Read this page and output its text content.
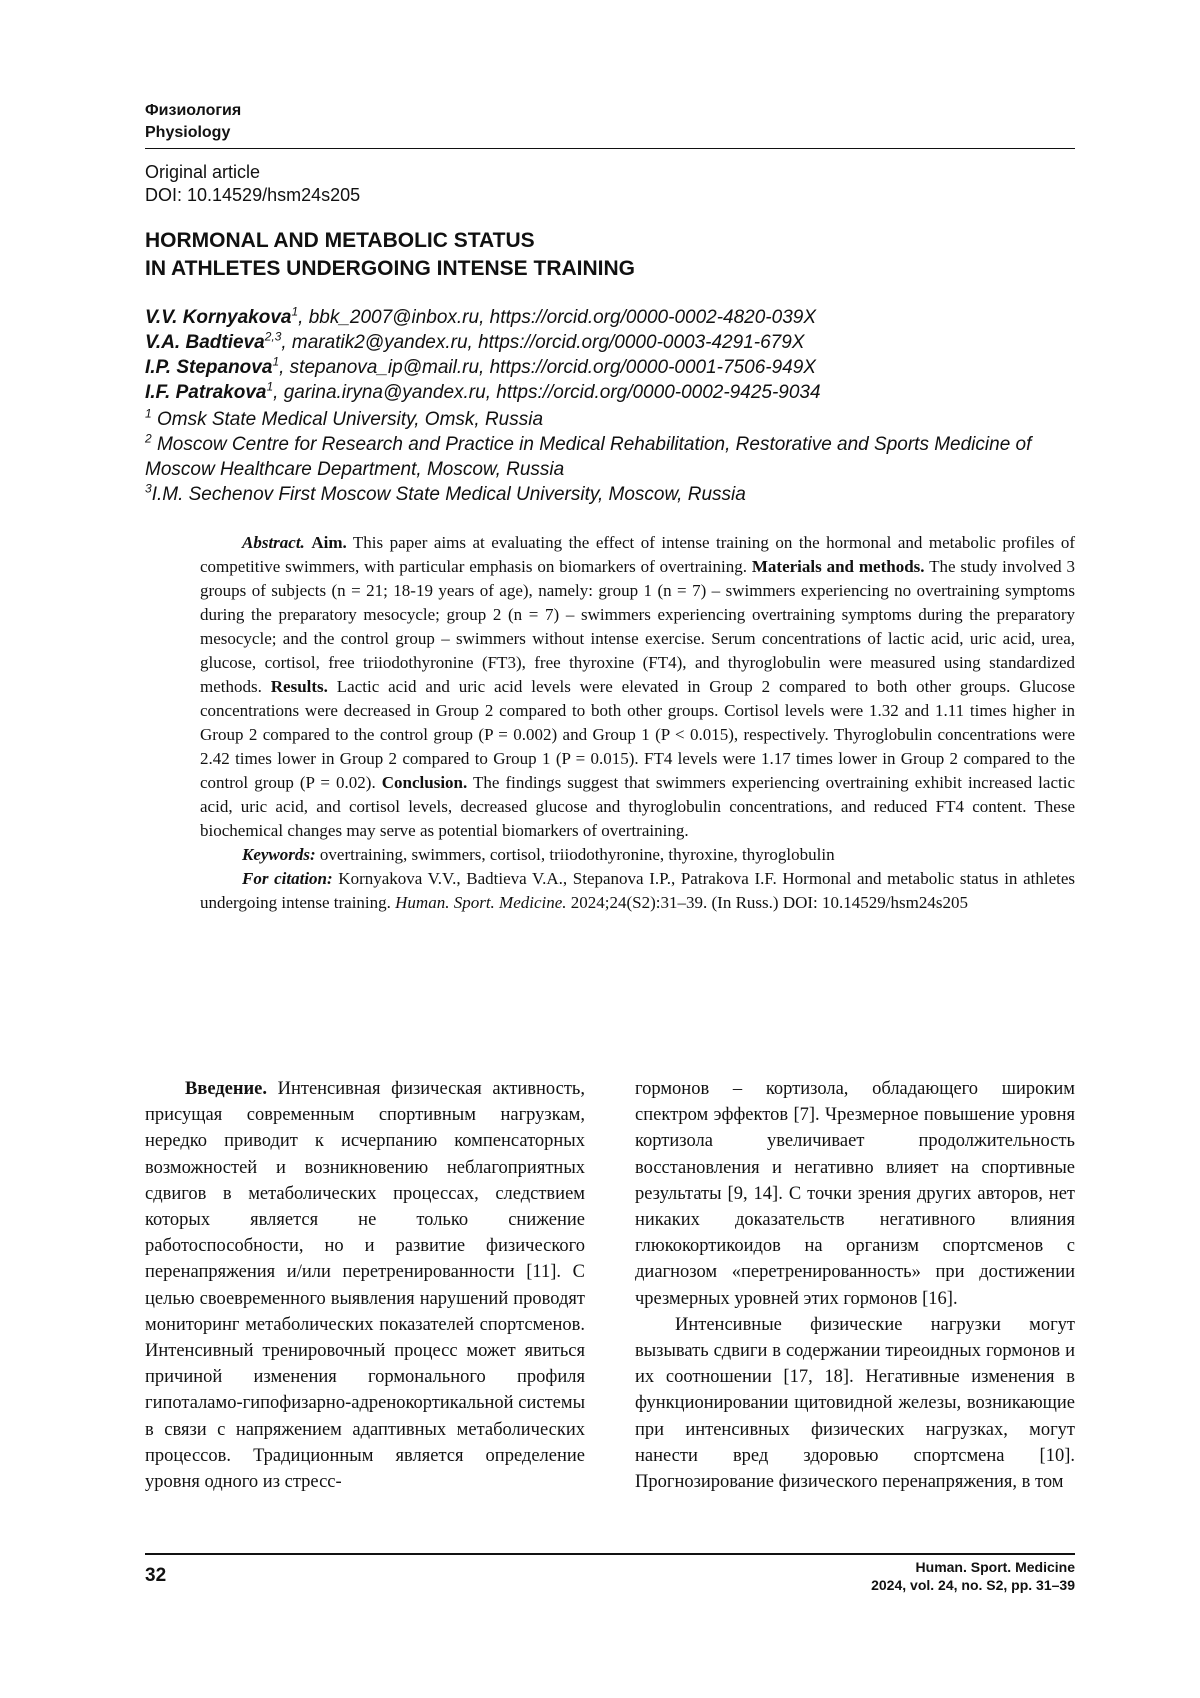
Физиология
Physiology
Original article
DOI: 10.14529/hsm24s205
HORMONAL AND METABOLIC STATUS
IN ATHLETES UNDERGOING INTENSE TRAINING
V.V. Kornyakova$^1$, bbk_2007@inbox.ru, https://orcid.org/0000-0002-4820-039X
V.A. Badtieva$^{2,3}$, maratik2@yandex.ru, https://orcid.org/0000-0003-4291-679X
I.P. Stepanova$^1$, stepanova_ip@mail.ru, https://orcid.org/0000-0001-7506-949X
I.F. Patrakova$^1$, garina.iryna@yandex.ru, https://orcid.org/0000-0002-9425-9034
$^1$ Omsk State Medical University, Omsk, Russia
$^2$ Moscow Centre for Research and Practice in Medical Rehabilitation, Restorative and Sports Medicine of Moscow Healthcare Department, Moscow, Russia
$^3$I.M. Sechenov First Moscow State Medical University, Moscow, Russia

Abstract. Aim. This paper aims at evaluating the effect of intense training on the hormonal and metabolic profiles of competitive swimmers, with particular emphasis on biomarkers of overtraining. Materials and methods. The study involved 3 groups of subjects (n = 21; 18-19 years of age), namely: group 1 (n = 7) – swimmers experiencing no overtraining symptoms during the preparatory mesocycle; group 2 (n = 7) – swimmers experiencing overtraining symptoms during the preparatory mesocycle; and the control group – swimmers without intense exercise. Serum concentrations of lactic acid, uric acid, urea, glucose, cortisol, free triiodothyronine (FT3), free thyroxine (FT4), and thyroglobulin were measured using standardized methods. Results. Lactic acid and uric acid levels were elevated in Group 2 compared to both other groups. Glucose concentrations were decreased in Group 2 compared to both other groups. Cortisol levels were 1.32 and 1.11 times higher in Group 2 compared to the control group (P = 0.002) and Group 1 (P < 0.015), respectively. Thyroglobulin concentrations were 2.42 times lower in Group 2 compared to Group 1 (P = 0.015). FT4 levels were 1.17 times lower in Group 2 compared to the control group (P = 0.02). Conclusion. The findings suggest that swimmers experiencing overtraining exhibit increased lactic acid, uric acid, and cortisol levels, decreased glucose and thyroglobulin concentrations, and reduced FT4 content. These biochemical changes may serve as potential biomarkers of overtraining.

Keywords: overtraining, swimmers, cortisol, triiodothyronine, thyroxine, thyroglobulin

For citation: Kornyakova V.V., Badtieva V.A., Stepanova I.P., Patrakova I.F. Hormonal and metabolic status in athletes undergoing intense training. Human. Sport. Medicine. 2024;24(S2):31–39. (In Russ.) DOI: 10.14529/hsm24s205

Введение. Интенсивная физическая активность, присущая современным спортивным нагрузкам, нередко приводит к исчерпанию компенсаторных возможностей и возникновению неблагоприятных сдвигов в метаболических процессах, следствием которых является не только снижение работоспособности, но и развитие физического перенапряжения и/или перетренированности [11]. С целью своевременного выявления нарушений проводят мониторинг метаболических показателей спортсменов. Интенсивный тренировочный процесс может явиться причиной изменения гормонального профиля гипоталамо-гипофизарно-адренокортикальной системы в связи с напряжением адаптивных метаболических процессов. Традиционным является определение уровня одного из стресс-

гормонов – кортизола, обладающего широким спектром эффектов [7]. Чрезмерное повышение уровня кортизола увеличивает продолжительность восстановления и негативно влияет на спортивные результаты [9, 14]. С точки зрения других авторов, нет никаких доказательств негативного влияния глюкокортикоидов на организм спортсменов с диагнозом «перетренированность» при достижении чрезмерных уровней этих гормонов [16].

Интенсивные физические нагрузки могут вызывать сдвиги в содержании тиреоидных гормонов и их соотношении [17, 18]. Негативные изменения в функционировании щитовидной железы, возникающие при интенсивных физических нагрузках, могут нанести вред здоровью спортсмена [10]. Прогнозирование физического перенапряжения, в том

32	Human. Sport. Medicine
2024, vol. 24, no. S2, pp. 31–39
